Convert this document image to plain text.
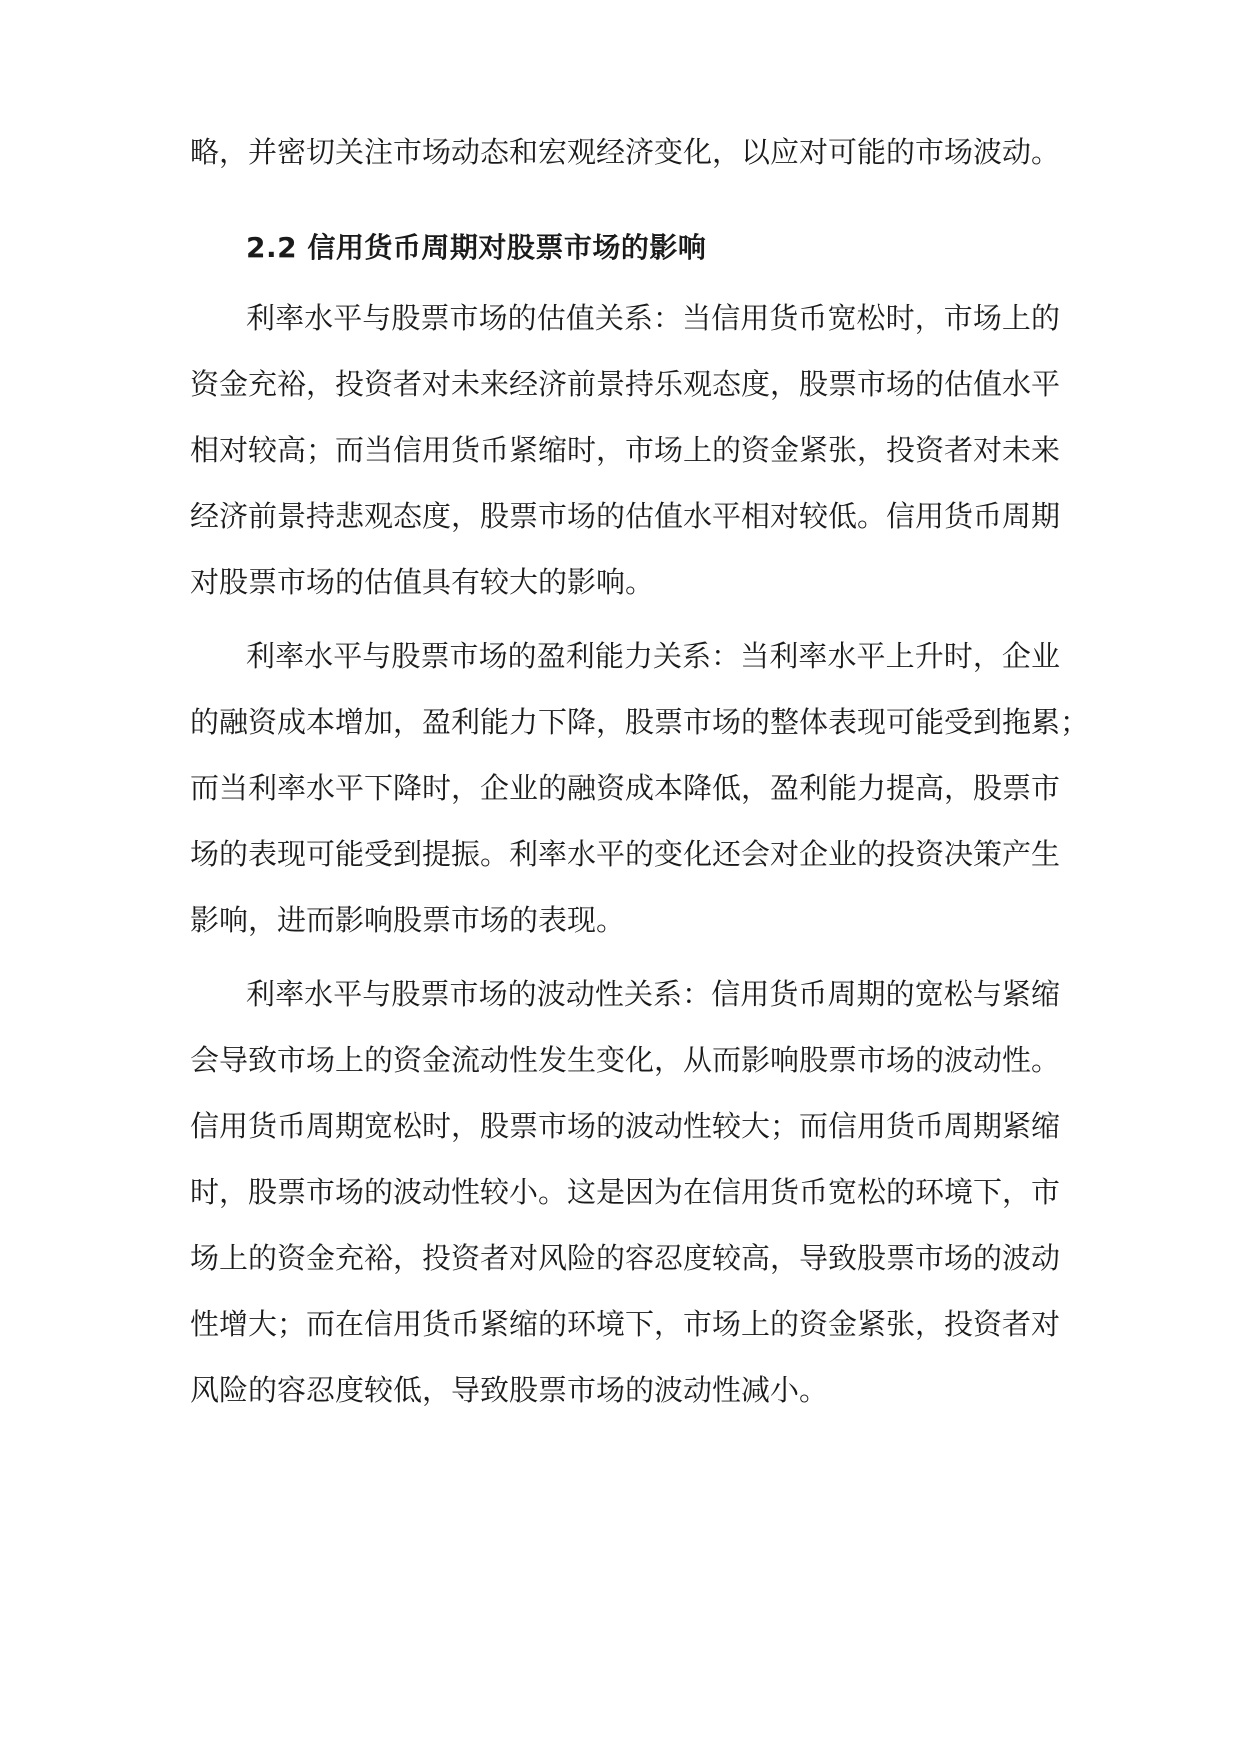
略，并密切关注市场动态和宏观经济变化，以应对可能的市场波动。
2.2 信用货币周期对股票市场的影响
利率水平与股票市场的估值关系：当信用货币宽松时，市场上的
资金充裕，投资者对未来经济前景持乐观态度，股票市场的估值水平
相对较高；而当信用货币紧缩时，市场上的资金紧张，投资者对未来
经济前景持悲观态度，股票市场的估值水平相对较低。信用货币周期
对股票市场的估值具有较大的影响。
利率水平与股票市场的盈利能力关系：当利率水平上升时，企业
的融资成本增加，盈利能力下降，股票市场的整体表现可能受到拖累；
而当利率水平下降时，企业的融资成本降低，盈利能力提高，股票市
场的表现可能受到提振。利率水平的变化还会对企业的投资决策产生
影响，进而影响股票市场的表现。
利率水平与股票市场的波动性关系：信用货币周期的宽松与紧缩
会导致市场上的资金流动性发生变化，从而影响股票市场的波动性。
信用货币周期宽松时，股票市场的波动性较大；而信用货币周期紧缩
时，股票市场的波动性较小。这是因为在信用货币宽松的环境下，市
场上的资金充裕，投资者对风险的容忍度较高，导致股票市场的波动
性增大；而在信用货币紧缩的环境下，市场上的资金紧张，投资者对
风险的容忍度较低，导致股票市场的波动性减小。
